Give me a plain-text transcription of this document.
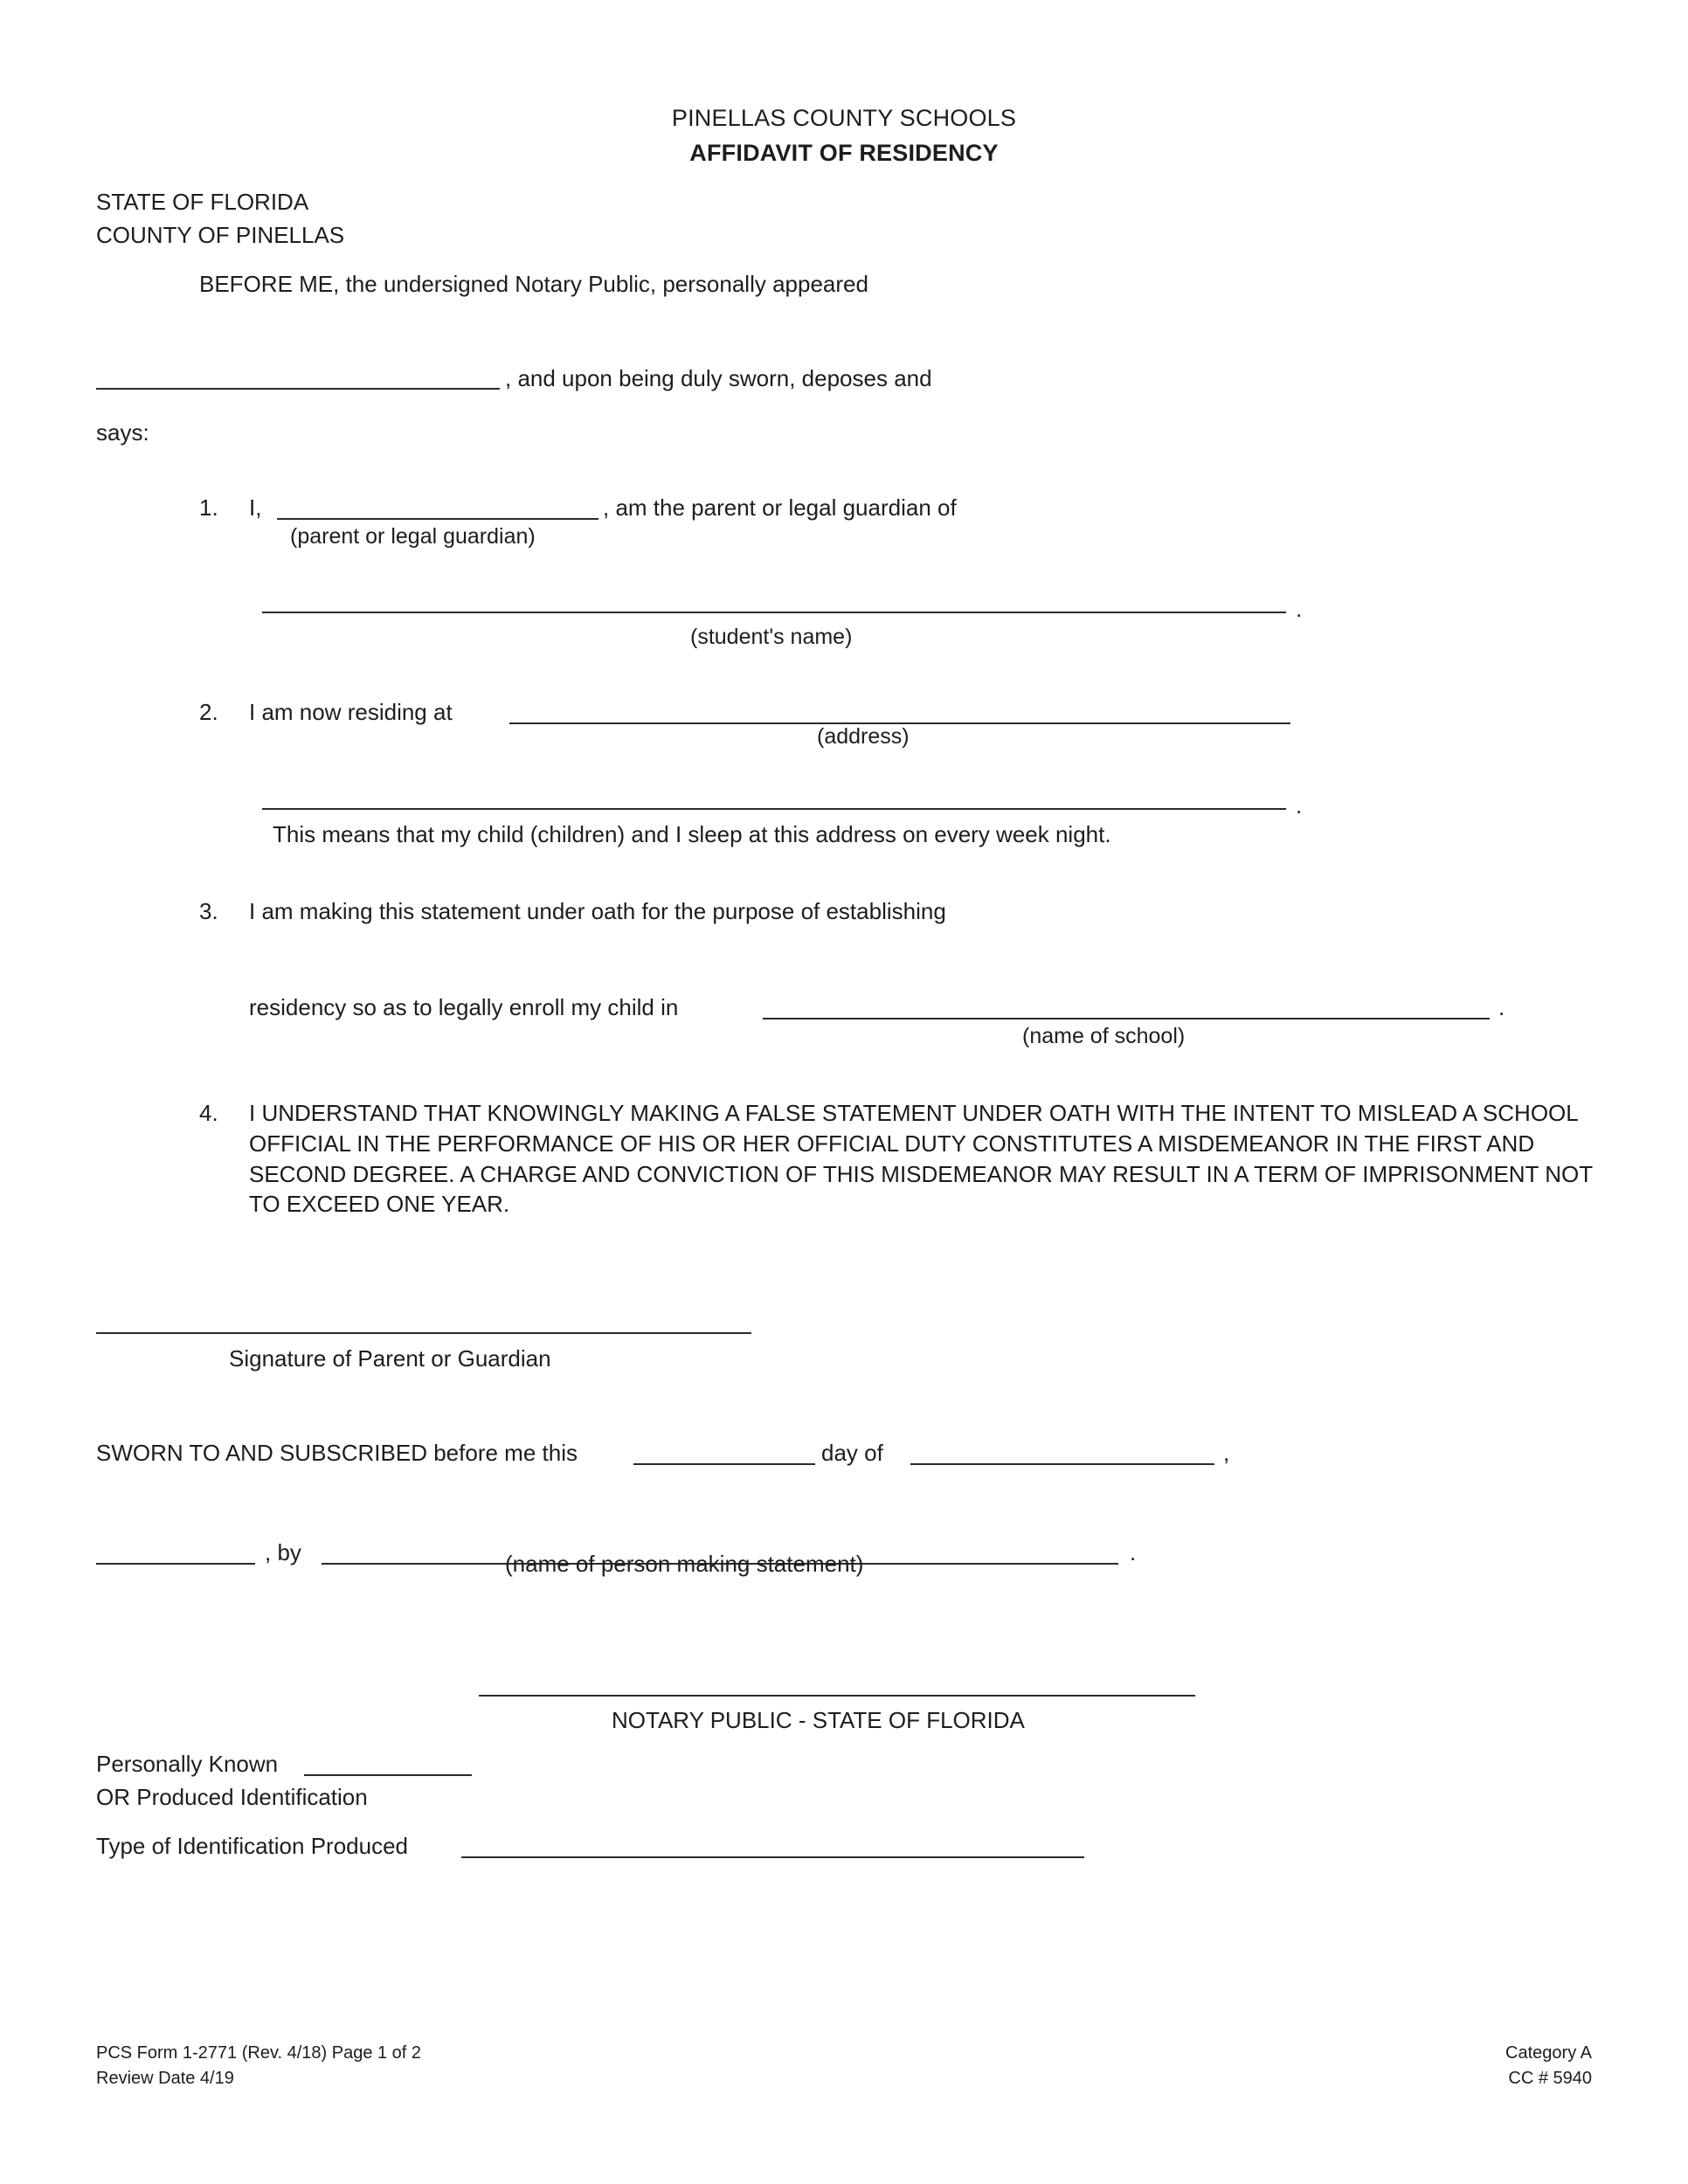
PINELLAS COUNTY SCHOOLS
AFFIDAVIT OF RESIDENCY
STATE OF FLORIDA
COUNTY OF PINELLAS
BEFORE ME, the undersigned Notary Public, personally appeared
, and upon being duly sworn, deposes and
says:
1. I,	, am the parent or legal guardian of
(parent or legal guardian)
.
(student's name)
2. I am now residing at
(address)
.
This means that my child (children) and I sleep at this address on every week night.
3. I am making this statement under oath for the purpose of establishing
residency so as to legally enroll my child in	.
(name of school)
4. I UNDERSTAND THAT KNOWINGLY MAKING A FALSE STATEMENT UNDER OATH WITH THE INTENT TO MISLEAD A SCHOOL OFFICIAL IN THE PERFORMANCE OF HIS OR HER OFFICIAL DUTY CONSTITUTES A MISDEMEANOR IN THE FIRST AND SECOND DEGREE. A CHARGE AND CONVICTION OF THIS MISDEMEANOR MAY RESULT IN A TERM OF IMPRISONMENT NOT TO EXCEED ONE YEAR.
Signature of Parent or Guardian
SWORN TO AND SUBSCRIBED before me this	day of	,
, by	.
(name of person making statement)
NOTARY PUBLIC - STATE OF FLORIDA
Personally Known
OR Produced Identification
Type of Identification Produced
PCS Form 1-2771 (Rev. 4/18) Page 1 of 2
Review Date 4/19
Category A
CC # 5940
